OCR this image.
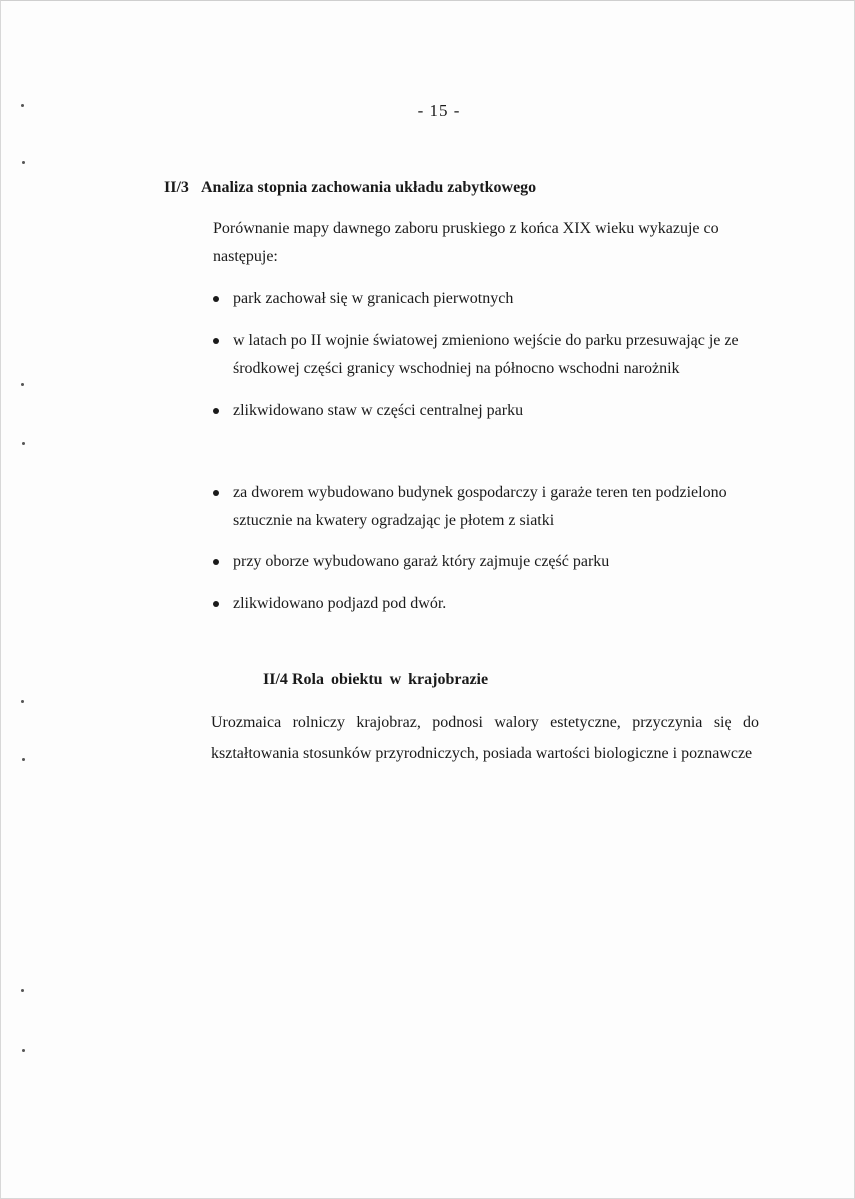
- 15 -
II/3 Analiza stopnia zachowania układu zabytkowego

Porównanie mapy dawnego zaboru pruskiego z końca XIX wieku wykazuje co następuje:

park zachował się w granicach pierwotnych
w latach po II wojnie światowej zmieniono wejście do parku przesuwając je ze środkowej części granicy wschodniej na północno wschodni narożnik
zlikwidowano staw w części centralnej parku
za dworem wybudowano budynek gospodarczy i garaże teren ten podzielono sztucznie na kwatery ogradzając je płotem z siatki
przy oborze wybudowano garaż który zajmuje część parku
zlikwidowano podjazd pod dwór.
II/4 Rola obiektu w krajobrazie

Urozmaica rolniczy krajobraz, podnosi walory estetyczne, przyczynia się do kształtowania stosunków przyrodniczych, posiada wartości biologiczne i poznawcze
